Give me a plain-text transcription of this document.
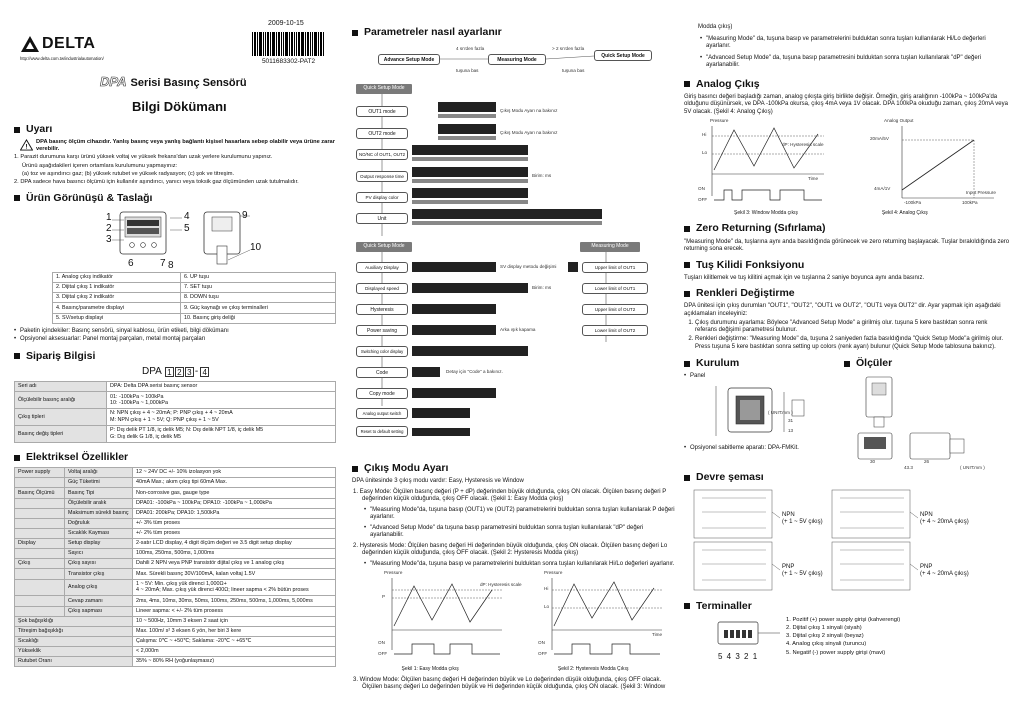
2009-10-15
DELTA
http://www.delta.com.tw/industrialautomation/	5011683302-PAT2
DPA Serisi Basınç Sensörü
Bilgi Dökümanı
Uyarı
!
DPA basınç ölçüm cihazıdır. Yanlış basınç veya yanlış bağlantı kişisel hasarlara sebep olabilir veya ürüne zarar verebilir.

1. Parazit durumuna karşı ürünü yüksek voltaj ve yüksek frekans'dan uzak yerlere kurulumunu yapınız.

Ürünü aşağıdakileri içeren ortamlara kurulumunu yapmayınız:

(a) toz ve aşındırıcı gaz; (b) yüksek rutubet ve yüksek radyasyon; (c) şok ve titreşim.

2. DPA sadece hava basıncı ölçümü için kullanılır aşındırıcı, yanıcı veya toksik gaz ölçümünden uzak tutulmalıdır.

Ürün Görünüşü & Taslağı
1
2
3
4
5
6	7 8
9
10
1. Analog çıkış indikatör	6. UP tuşu
2. Dijital çıkış 1 indikatör	7. SET tuşu
3. Dijital çıkış 2 indikatör	8. DOWN tuşu
4. Basınç/parametre displayi	9. Güç kaynağı ve çıkış terminalleri
5. SV/setup displayi	10. Basınç giriş deliği

• Paketin içindekiler: Basınç sensörü, sinyal kablosu, ürün etiketi, bilgi dökümanı

• Opsiyonel aksesuarlar: Panel montaj parçaları, metal montaj parçaları

Sipariş Bilgisi
DPA 1 2 3 - 4
Seri adı	DPA: Delta DPA serisi basınç sensor
Ölçülebilir basınç aralığı	01: -100kPa ~ 100kPa
10: -100kPa ~ 1,000kPa
Çıkış tipleri	N: NPN çıkış + 4 ~ 20mA; P: PNP çıkış + 4 ~ 20mA
M: NPN çıkış + 1 ~ 5V; Q: PNP çıkış + 1 ~ 5V
Basınç değiş tipleri	P: Dış delik PT 1/8, iç delik M5; N: Dış delik NPT 1/8, iç delik M5
G: Dış delik G 1/8, iç delik M5
Elektriksel Özellikler
Power supply	Voltaj aralığı	12 ~ 24V DC +/- 10% izolasyon yok
	Güç Tüketimi	40mA Max.; akım çıkış tipi 60mA Max.
Basınç Ölçümü	Basınç Tipi	Non-corrosive gas, gauge type
	Ölçülebilir aralık	DPA01: -100kPa ~ 100kPa; DPA10: -100kPa ~ 1,000kPa
	Maksimum sürekli basınç	DPA01: 200kPa; DPA10: 1,500kPa
	Doğruluk	+/- 3% tüm proses
	Sıcaklık Kayması	+/- 2% tüm proses
Display	Setup display	2-satır LCD display, 4 digit ölçüm değeri ve 3.5 digit setup display
	Sayıcı	100ms, 250ms, 500ms, 1,000ms
Çıkış	Çıkış sayısı	Dahili 2 NPN veya PNP transistör dijital çıkış ve 1 analog çıkış
	Transistor çıkış	Max. Sürekli basınç 30V/100mA, kalan voltaj 1.5V
	Analog çıkış	1 ~ 5V: Min. çıkış yük direnci 1,000Ω+
4 ~ 20mA; Max. çıkış yük direnci 400Ω; lineer sapma < 2% bütün proses
	Cevap zamanı	2ms, 4ms, 10ms, 30ms, 50ms, 100ms, 250ms, 500ms, 1,000ms, 5,000ms
	Çıkış sapması	Lineer sapma: < +/- 2% tüm prosess
Şok bağışıklığı		10 ~ 500Hz, 10mm 3 eksen 2 saat için
Titreşim bağışıklığı		Max. 100m/ s² 3 eksen 6 yön, her biri 3 kere
Sıcaklığı		Çalışma: 0℃ ~ +50℃; Saklama: -20℃ ~ +65℃
Yükseklik		< 2,000m
Rutubet Oranı		35% ~ 80% RH (yoğunlaşmasız)
Parametreler nasıl ayarlanır
Advance Setup Mode	Measuring Mode
Quick Setup Mode
4 sn'den fazla	> 2 sn'den fazla
tuşuna bas	tuşuna bas
Quick Setup Mode
OUT1 mode
OUT2 mode
NO/NC of OUT1, OUT2
Output response time
PV display color
Unit
Çıkış Modu Ayarı na bakınız
Çıkış Modu Ayarı na bakınız
Birim: ms
Quick Setup Mode
Auxiliary Display
Displayed speed
Hysteresis
Power saving
Switching color display
Code
Copy mode
Analog output switch
Reset to default setting
SV display metodu değişimi
Birim: ms
Arka ışık kapama
Detay için "Code" a bakınız.
Measuring Mode
Upper limit of OUT1
Lower limit of OUT1
Upper limit of OUT2
Lower limit of OUT2
Çıkış Modu Ayarı

DPA ünitesinde 3 çıkış modu vardır: Easy, Hysteresis ve Window

1. Easy Mode: Ölçülen basınç değeri (P + dP) değerinden büyük olduğunda, çıkış ON olacak. Ölçülen basınç değeri P değerinden küçük olduğunda, çıkış OFF olacak. (Şekil 1: Easy Modda çıkış)

• "Measuring Mode"da, tuşuna basıp (OUT1) ve (OUT2) parametrelerini bulduktan sonra tuşları kullanılarak P değeri ayarlanır.

• "Advanced Setup Mode" da tuşuna basıp parametresini bulduktan sonra tuşları kullanılarak "dP" değeri ayarlanabilir.

2. Hysteresis Mode: Ölçülen basınç değeri Hi değerinden büyük olduğunda, çıkış ON olacak. Ölçülen basınç değeri Lo değerinden küçük olduğunda, çıkış OFF olacak. (Şekil 2: Hysteresis Modda çıkış)

• "Measuring Mode"da, tuşuna basıp ve parametrelerini bulduktan sonra tuşları kullanılarak Hi/Lo değerleri ayarlanır.

Pressure
dP: Hysteresis scale
P
ON
OFF
Pressure
Hi
Lo
Time
ON
OFF
Şekil 1: Easy Modda çıkış	Şekil 2: Hysteresis Modda Çıkış

3. Window Mode: Ölçülen basınç değeri Hi değerinden büyük ve Lo değerinden düşük olduğunda, çıkış OFF olacak. Ölçülen basınç değeri Lo değerinden büyük ve Hi değerinden küçük olduğunda, çıkış ON olacak. (Şekil 3: Window

Modda çıkış)

• "Measuring Mode" da, tuşuna basıp ve parametrelerini bulduktan sonra tuşları kullanılarak Hi/Lo değerleri ayarlanır.

• "Advanced Setup Mode" da, tuşuna basıp parametresini bulduktan sonra tuşları kullanılarak "dP" değeri ayarlanabilir.

Analog Çıkış

Giriş basıncı değeri başladığı zaman, analog çıkışta giriş birlikte değişir. Örneğin, giriş aralığının -100kPa ~ 100kPa'da olduğunu düşünürsek, ve DPA -100kPa okursa, çıkış 4mA veya 1V olacak. DPA 100kPa okuduğu zaman, çıkış 20mA veya 5V olacak. (Şekil 4: Analog Çıkış)

Pressure
Hi
Lo
dP: Hysteresis scale
Time
ON
OFF
Analog Output
20mA/5V
4mA/1V
-100kPa	100kPa
Input Pressure
Şekil 3: Window Modda çıkış	Şekil 4: Analog Çıkış
Zero Returning (Sıfırlama)

"Measuring Mode" da, tuşlarına aynı anda basıldığında görünecek ve zero returning başlayacak. Tuşlar bırakıldığında zero returning sona erecek.

Tuş Kilidi Fonksiyonu

Tuşları kilitlemek ve tuş kilitini açmak için ve tuşlarına 2 saniye boyunca aynı anda basınız.

Renkleri Değiştirme

DPA ünitesi için çıkış durumları "OUT1", "OUT2", "OUT1 ve OUT2", "OUT1 veya OUT2" dir. Ayar yapmak için aşağıdaki açıklamaları inceleyiniz:

1. Çıkış durumunu ayarlama: Böylece "Advanced Setup Mode" a girilmiş olur. tuşuna 5 kere bastıktan sonra renk referans değişimi parametresi bulunur.
2. Renkleri değiştirme: "Measuring Mode" da, tuşuna 2 saniyeden fazla basıldığında "Quick Setup Mode"a girilmiş olur. Press tuşuna 5 kere bastıktan sonra setting up colors (renk ayarı) bulunur (Quick Setup Mode tablosuna bakınız).
Kurulum

• Panel

( UNIT:mm )
31
13

• Opsiyonel sabitleme aparatı: DPA-FMKit.

Ölçüler
30	26
43.3	( UNIT:mm )
Devre şeması
NPN
(+ 1 ~ 5V çıkış)
NPN
(+ 4 ~ 20mA çıkış)
PNP
(+ 1 ~ 5V çıkış)
PNP
(+ 4 ~ 20mA çıkış)
Terminaller
5 4 3 2 1

1. Pozitif (+) power supply girişi (kahverengi)

2. Dijital çıkış 1 sinyali (siyah)

3. Dijital çıkış 2 sinyali (beyaz)

4. Analog çıkış sinyali (turuncu)

5. Negatif (-) power supply girişi (mavi)
